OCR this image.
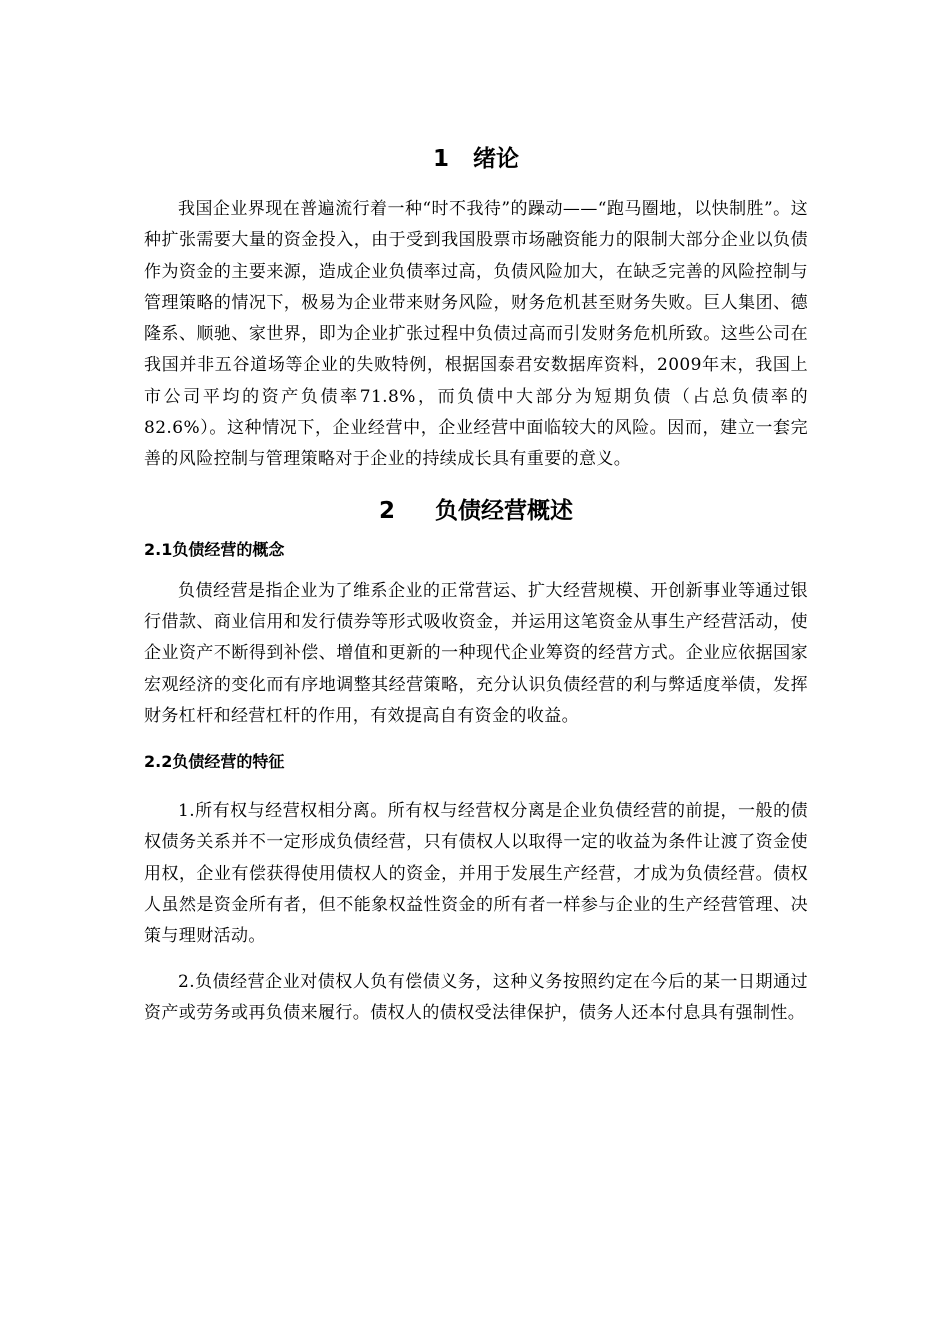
1 绪论

我国企业界现在普遍流行着一种“时不我待”的躁动——“跑马圈地，以快制胜”。这种扩张需要大量的资金投入，由于受到我国股票市场融资能力的限制大部分企业以负债作为资金的主要来源，造成企业负债率过高，负债风险加大，在缺乏完善的风险控制与管理策略的情况下，极易为企业带来财务风险，财务危机甚至财务失败。巨人集团、德隆系、顺驰、家世界，即为企业扩张过程中负债过高而引发财务危机所致。这些公司在我国并非五谷道场等企业的失败特例，根据国泰君安数据库资料，2009年末，我国上市公司平均的资产负债率71.8%，而负债中大部分为短期负债（占总负债率的82.6%）。这种情况下，企业经营中，企业经营中面临较大的风险。因而，建立一套完善的风险控制与管理策略对于企业的持续成长具有重要的意义。

2 负债经营概述
2.1负债经营的概念

负债经营是指企业为了维系企业的正常营运、扩大经营规模、开创新事业等通过银行借款、商业信用和发行债券等形式吸收资金，并运用这笔资金从事生产经营活动，使企业资产不断得到补偿、增值和更新的一种现代企业筹资的经营方式。企业应依据国家宏观经济的变化而有序地调整其经营策略，充分认识负债经营的利与弊适度举债，发挥财务杠杆和经营杠杆的作用，有效提高自有资金的收益。

2.2负债经营的特征

1.所有权与经营权相分离。所有权与经营权分离是企业负债经营的前提，一般的债权债务关系并不一定形成负债经营，只有债权人以取得一定的收益为条件让渡了资金使用权，企业有偿获得使用债权人的资金，并用于发展生产经营，才成为负债经营。债权人虽然是资金所有者，但不能象权益性资金的所有者一样参与企业的生产经营管理、决策与理财活动。

2.负债经营企业对债权人负有偿债义务，这种义务按照约定在今后的某一日期通过资产或劳务或再负债来履行。债权人的债权受法律保护，债务人还本付息具有强制性。
